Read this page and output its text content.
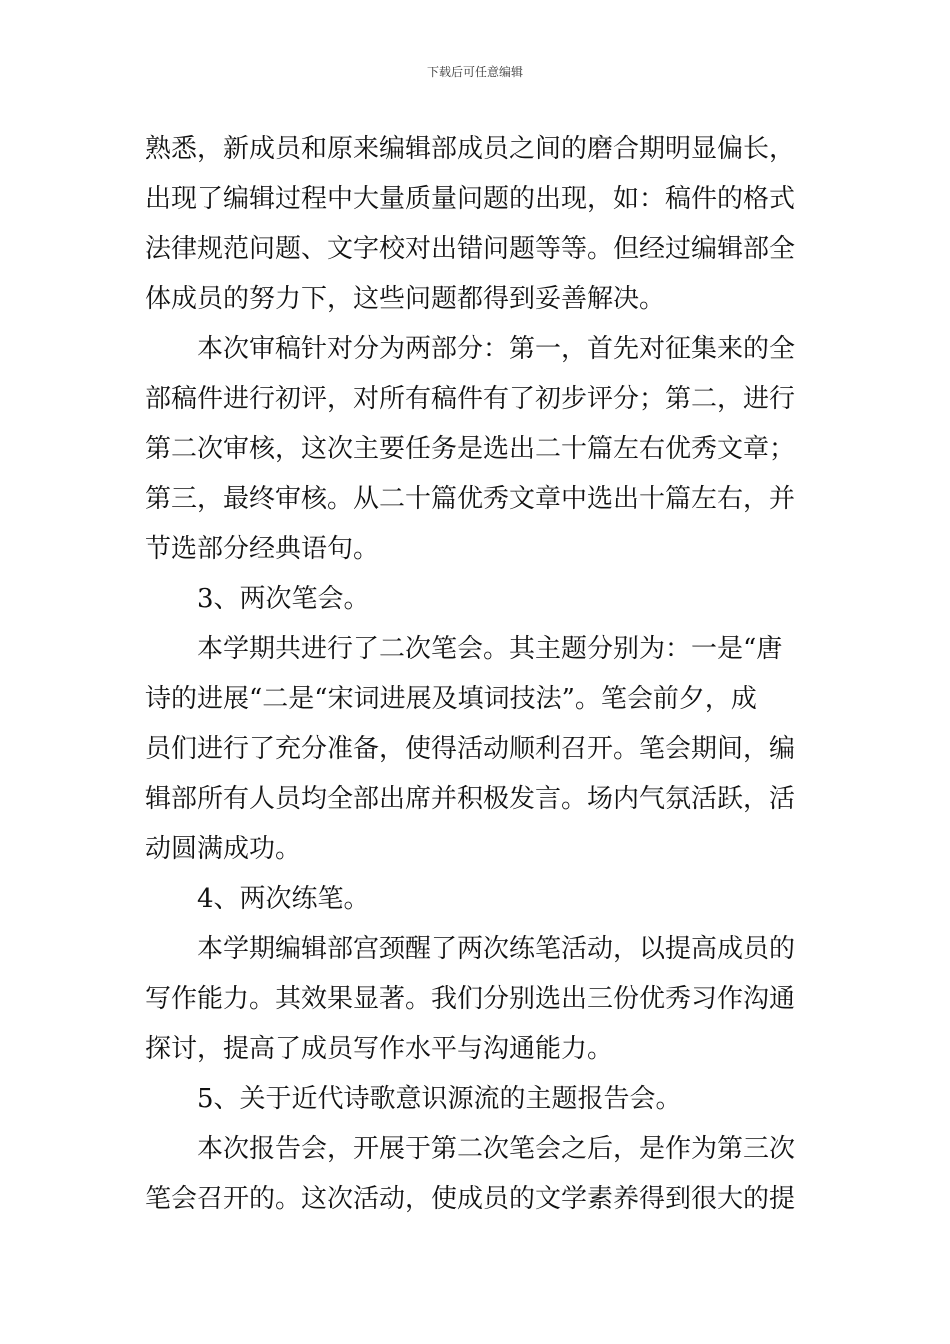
下载后可任意编辑
熟悉，新成员和原来编辑部成员之间的磨合期明显偏长，
出现了编辑过程中大量质量问题的出现，如：稿件的格式
法律规范问题、文字校对出错问题等等。但经过编辑部全
体成员的努力下，这些问题都得到妥善解决。
本次审稿针对分为两部分：第一，首先对征集来的全
部稿件进行初评，对所有稿件有了初步评分；第二，进行
第二次审核，这次主要任务是选出二十篇左右优秀文章；
第三，最终审核。从二十篇优秀文章中选出十篇左右，并
节选部分经典语句。
3、两次笔会。
本学期共进行了二次笔会。其主题分别为：一是“唐
诗的进展“二是“宋词进展及填词技法”。笔会前夕，成
员们进行了充分准备，使得活动顺利召开。笔会期间，编
辑部所有人员均全部出席并积极发言。场内气氛活跃，活
动圆满成功。
4、两次练笔。
本学期编辑部宫颈醒了两次练笔活动，以提高成员的
写作能力。其效果显著。我们分别选出三份优秀习作沟通
探讨，提高了成员写作水平与沟通能力。
5、关于近代诗歌意识源流的主题报告会。
本次报告会，开展于第二次笔会之后，是作为第三次
笔会召开的。这次活动，使成员的文学素养得到很大的提
